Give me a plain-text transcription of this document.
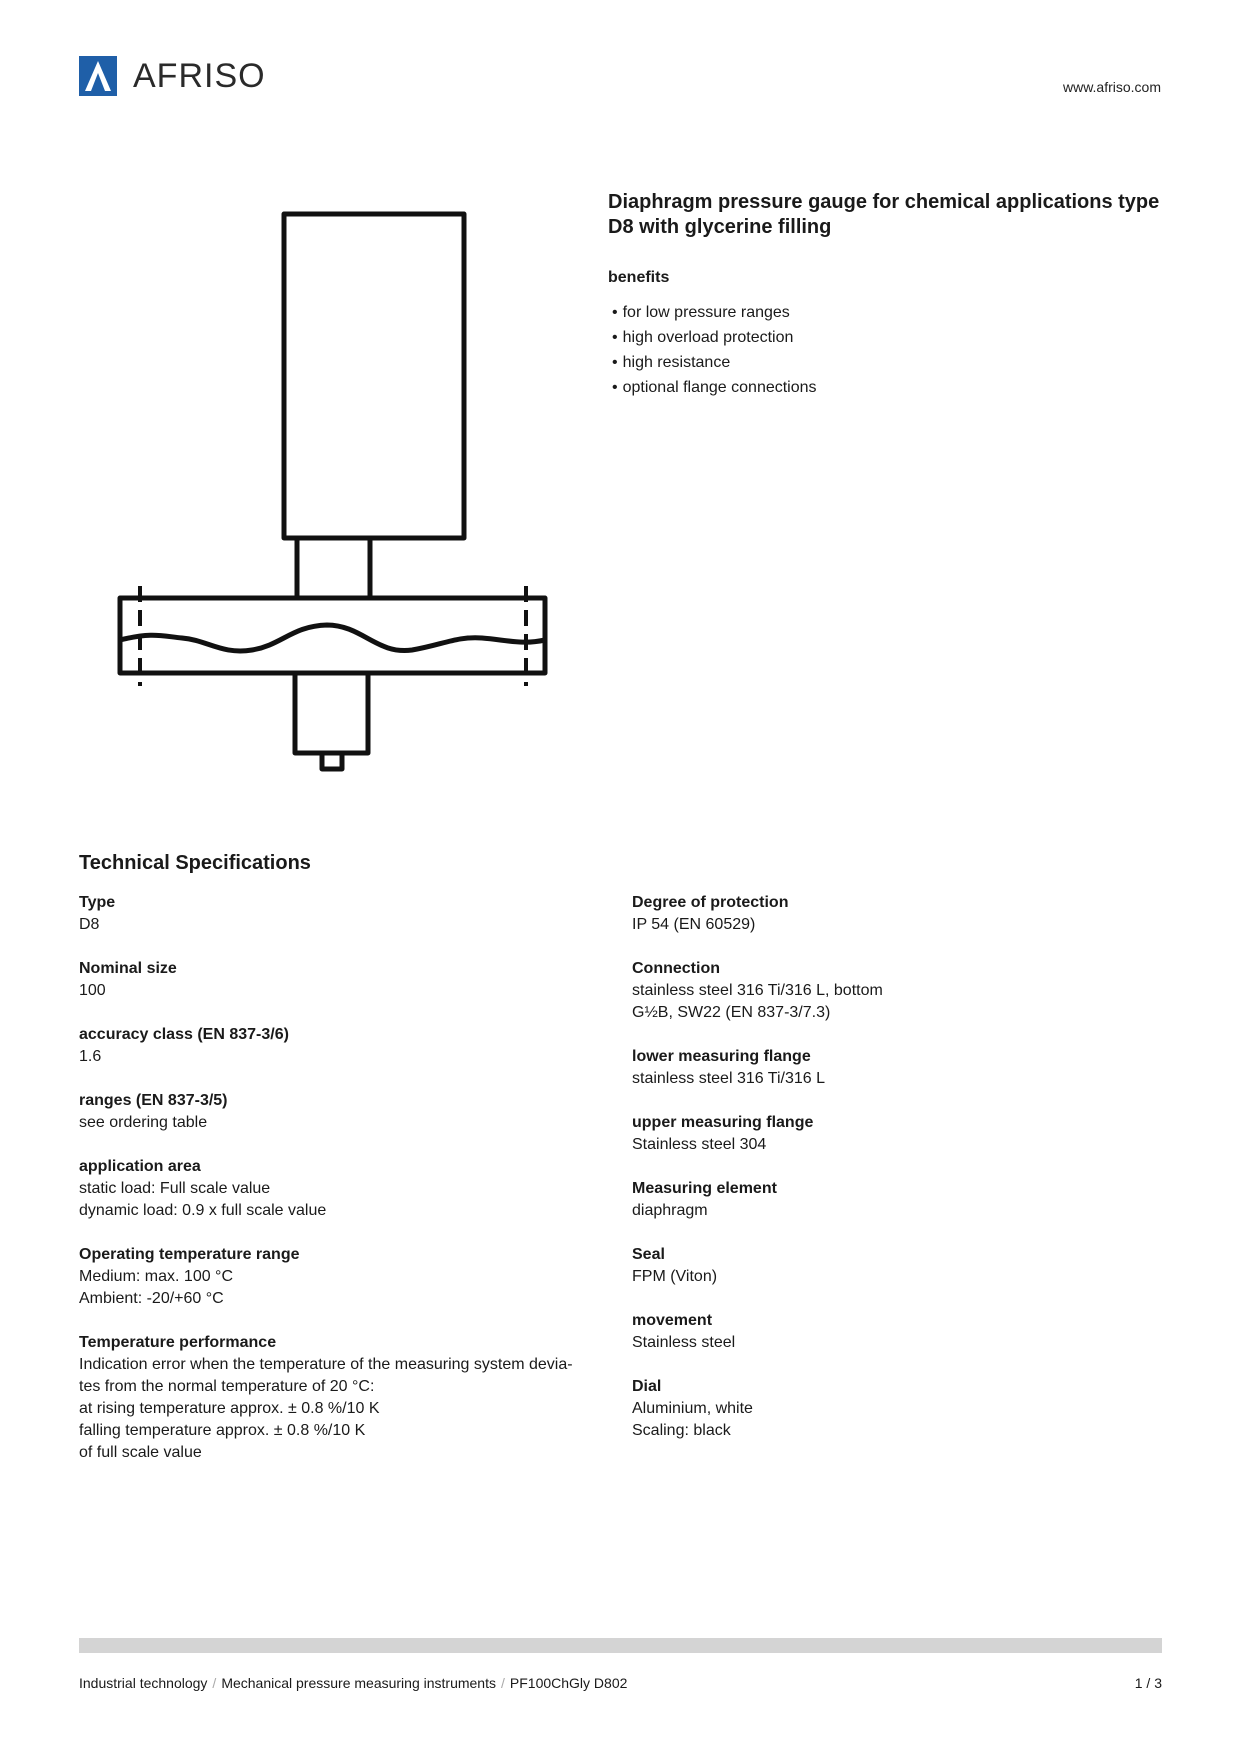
AFRISO	www.afriso.com
Diaphragm pressure gauge for chemical applications type D8 with glycerine filling
benefits
• for low pressure ranges
• high overload protection
• high resistance
• optional flange connections
Technical Specifications
Type
D8
Nominal size
100
accuracy class (EN 837-3/6)
1.6
ranges (EN 837-3/5)
see ordering table
application area
static load: Full scale value
dynamic load: 0.9 x full scale value
Operating temperature range
Medium: max. 100 °C
Ambient: -20/+60 °C
Temperature performance
Indication error when the temperature of the measuring system devia-
tes from the normal temperature of 20 °C:
at rising temperature approx. ± 0.8 %/10 K
falling temperature approx. ± 0.8 %/10 K
of full scale value
Degree of protection
IP 54 (EN 60529)
Connection
stainless steel 316 Ti/316 L, bottom
G½B, SW22 (EN 837-3/7.3)
lower measuring flange
stainless steel 316 Ti/316 L
upper measuring flange
Stainless steel 304
Measuring element
diaphragm
Seal
FPM (Viton)
movement
Stainless steel
Dial
Aluminium, white
Scaling: black
Industrial technology / Mechanical pressure measuring instruments / PF100ChGly D802	1 / 3
